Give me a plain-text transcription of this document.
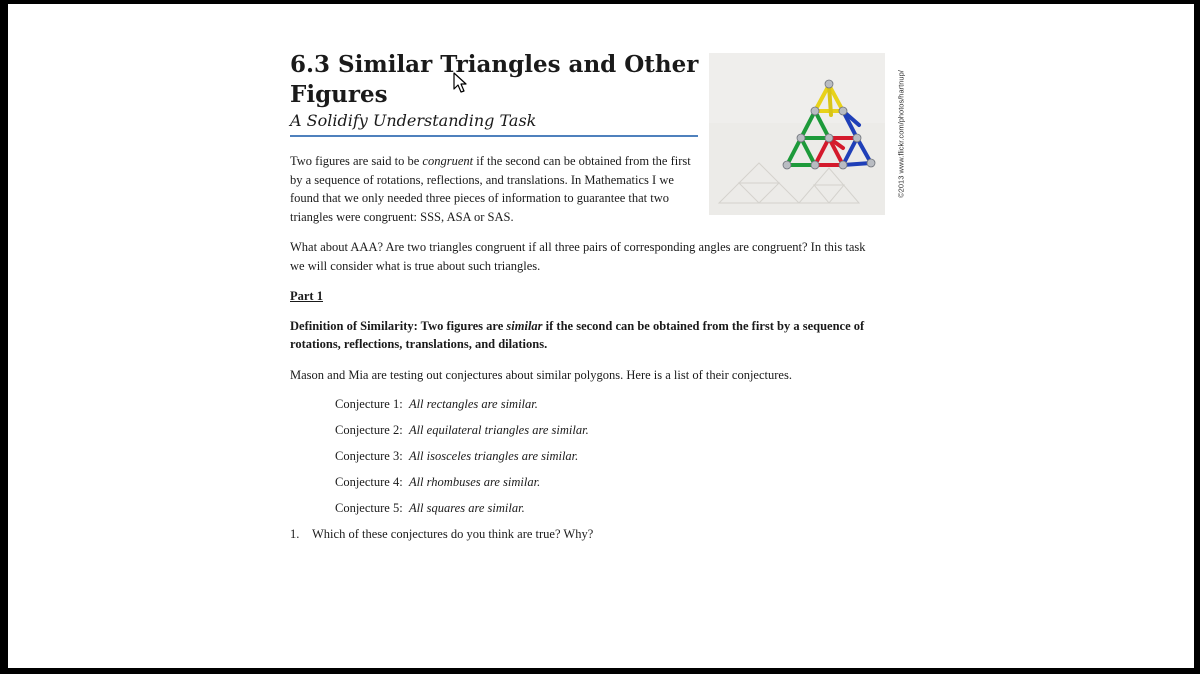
6.3 Similar Triangles and Other
Figures
A Solidify Understanding Task	©2013 www.flickr.com/photos/hartnup/

Two figures are said to be congruent if the second can be obtained from the first by a sequence of rotations, reflections, and translations. In Mathematics I we found that we only needed three pieces of information to guarantee that two triangles were congruent: SSS, ASA or SAS.

What about AAA? Are two triangles congruent if all three pairs of corresponding angles are congruent? In this task we will consider what is true about such triangles.

Part 1

Definition of Similarity: Two figures are similar if the second can be obtained from the first by a sequence of rotations, reflections, translations, and dilations.

Mason and Mia are testing out conjectures about similar polygons. Here is a list of their conjectures.

Conjecture 1: All rectangles are similar.
Conjecture 2: All equilateral triangles are similar.
Conjecture 3: All isosceles triangles are similar.
Conjecture 4: All rhombuses are similar.
Conjecture 5: All squares are similar.

1. Which of these conjectures do you think are true? Why?
